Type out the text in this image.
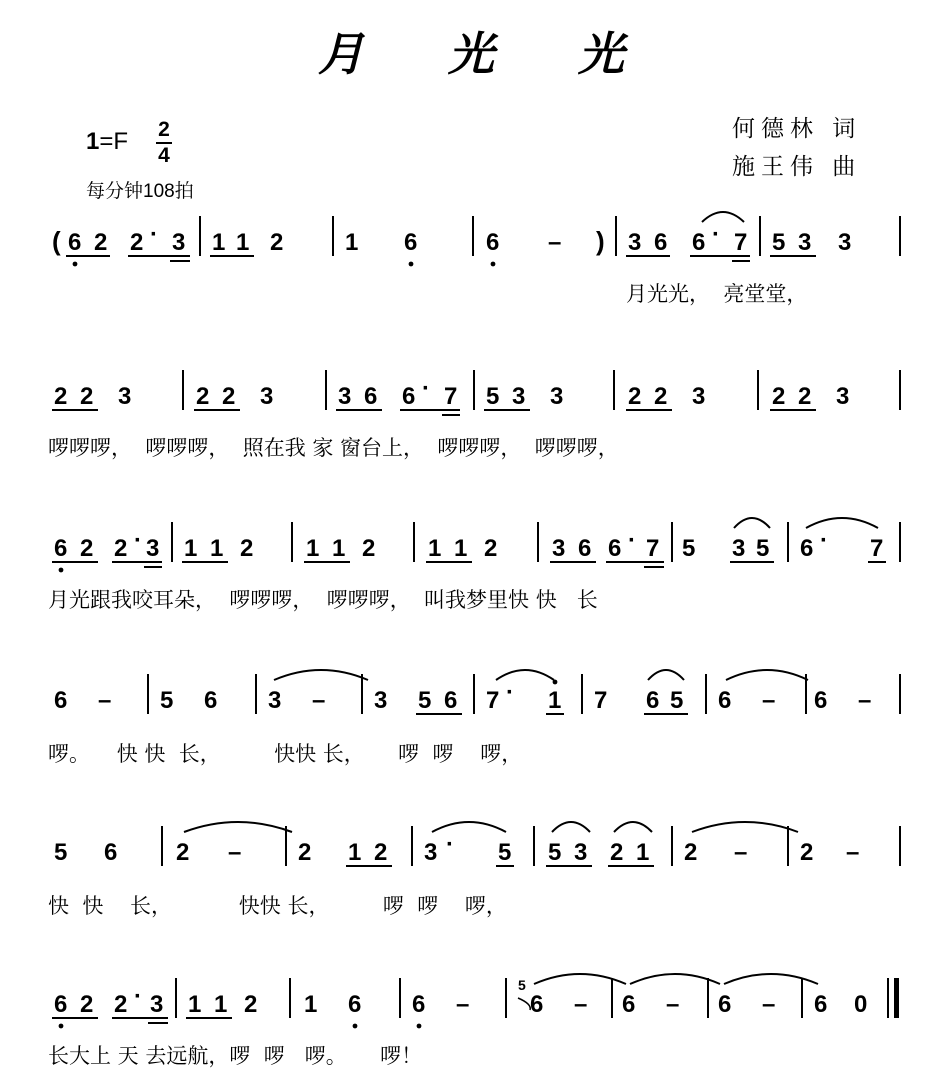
月 光 光
1=F 2
4
每分钟108拍
何德林 词
施王伟 曲
( 6 2 2 · 3 1 1 2	1 6	6 – ) 3 6 6 · 7 5 3 3
2 2 3	2 2 3	3 6 6 · 7 5 3 3	2 2 3	2 2 3
6 2 2 · 3 1 1 2 1 1 2 1 1 2 3 6 6 · 7 5 3 5 6 · 7
6 – 5 6 3 – 3 5 6 7 · 1 7 6 5 6 – 6 –
5 6 2 – 2 1 2 3 · 5 5 3 2 1 2 – 2 –
6 2 2 · 3 1 1 2 1 6 6 –	6 – 6 – 6 – 6 0
5
月光光，  亮堂堂，
啰啰啰，  啰啰啰，  照在我 家 窗台上，  啰啰啰，  啰啰啰，
月光跟我咬耳朵，  啰啰啰，  啰啰啰，  叫我梦里快 快   长
啰。    快 快  长，        快快 长，     啰  啰    啰，
快  快    长，          快快 长，        啰  啰    啰，
长大上 天 去远航，啰  啰   啰。     啰！
